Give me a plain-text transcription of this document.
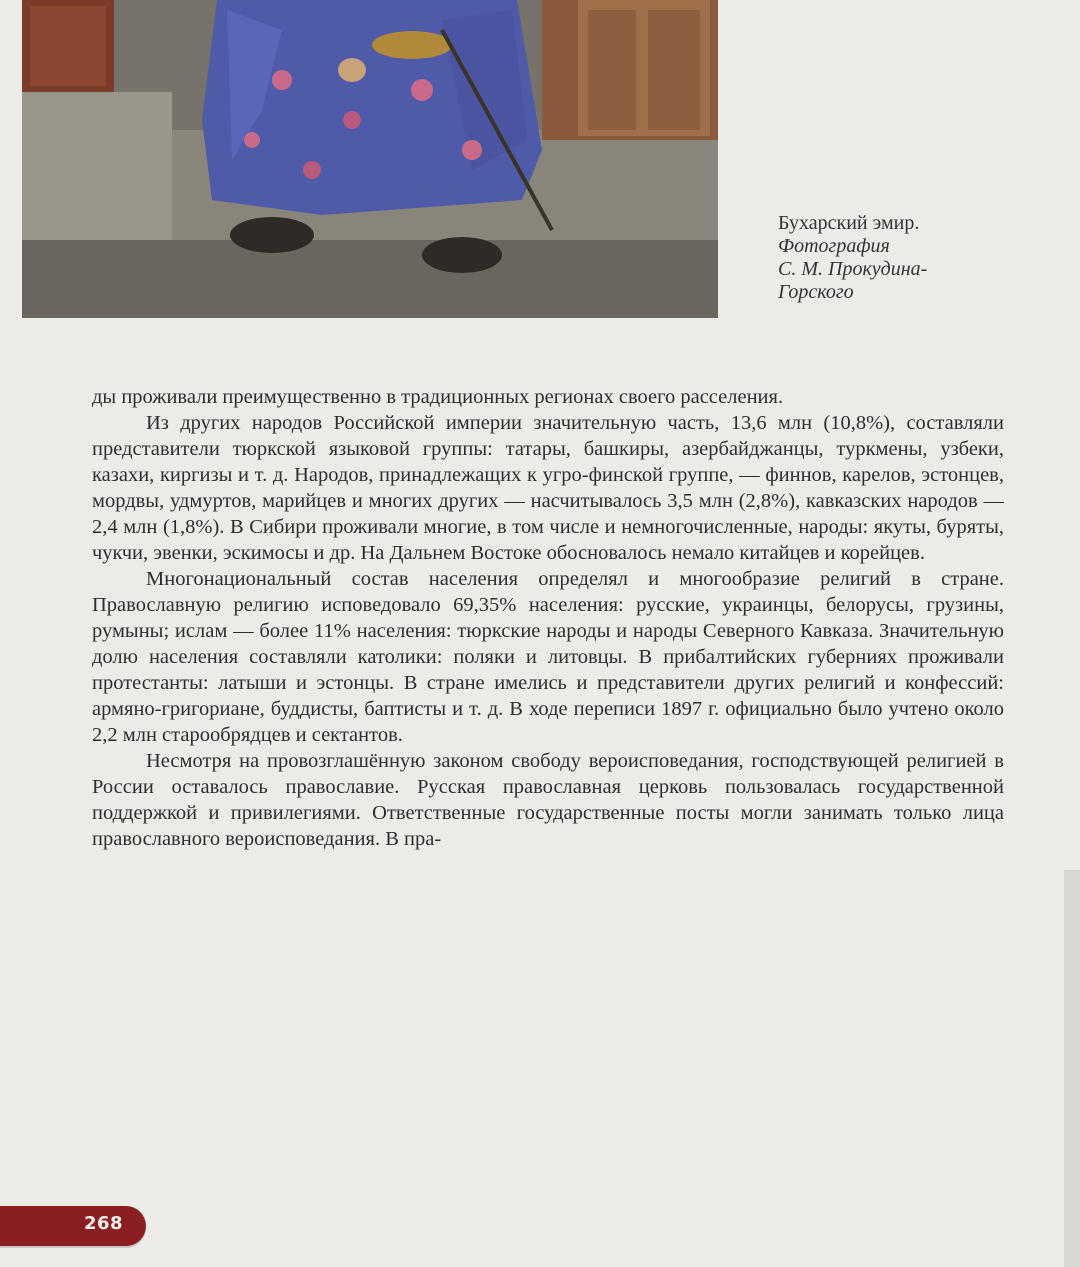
Бухарский эмир.
Фотография
С. М. Прокудина-
Горского

ды проживали преимущественно в традиционных регионах своего расселения.

Из других народов Российской империи значительную часть, 13,6 млн (10,8%), составляли представители тюркской языковой группы: татары, башкиры, азербайджанцы, туркмены, узбеки, казахи, киргизы и т. д. Народов, принадлежащих к угро-финской группе, — финнов, карелов, эстонцев, мордвы, удмуртов, марийцев и многих других — насчитывалось 3,5 млн (2,8%), кавказских народов — 2,4 млн (1,8%). В Сибири проживали многие, в том числе и немногочисленные, народы: якуты, буряты, чукчи, эвенки, эскимосы и др. На Дальнем Востоке обосновалось немало китайцев и корейцев.

Многонациональный состав населения определял и многообразие религий в стране. Православную религию исповедовало 69,35% населения: русские, украинцы, белорусы, грузины, румыны; ислам — более 11% населения: тюркские народы и народы Северного Кавказа. Значительную долю населения составляли католики: поляки и литовцы. В прибалтийских губерниях проживали протестанты: латыши и эстонцы. В стране имелись и представители других религий и конфессий: армяно-григориане, буддисты, баптисты и т. д. В ходе переписи 1897 г. официально было учтено около 2,2 млн старообрядцев и сектантов.

Несмотря на провозглашённую законом свободу вероисповедания, господствующей религией в России оставалось православие. Русская православная церковь пользовалась государственной поддержкой и привилегиями. Ответственные государственные посты могли занимать только лица православного вероисповедания. В пра-

268
